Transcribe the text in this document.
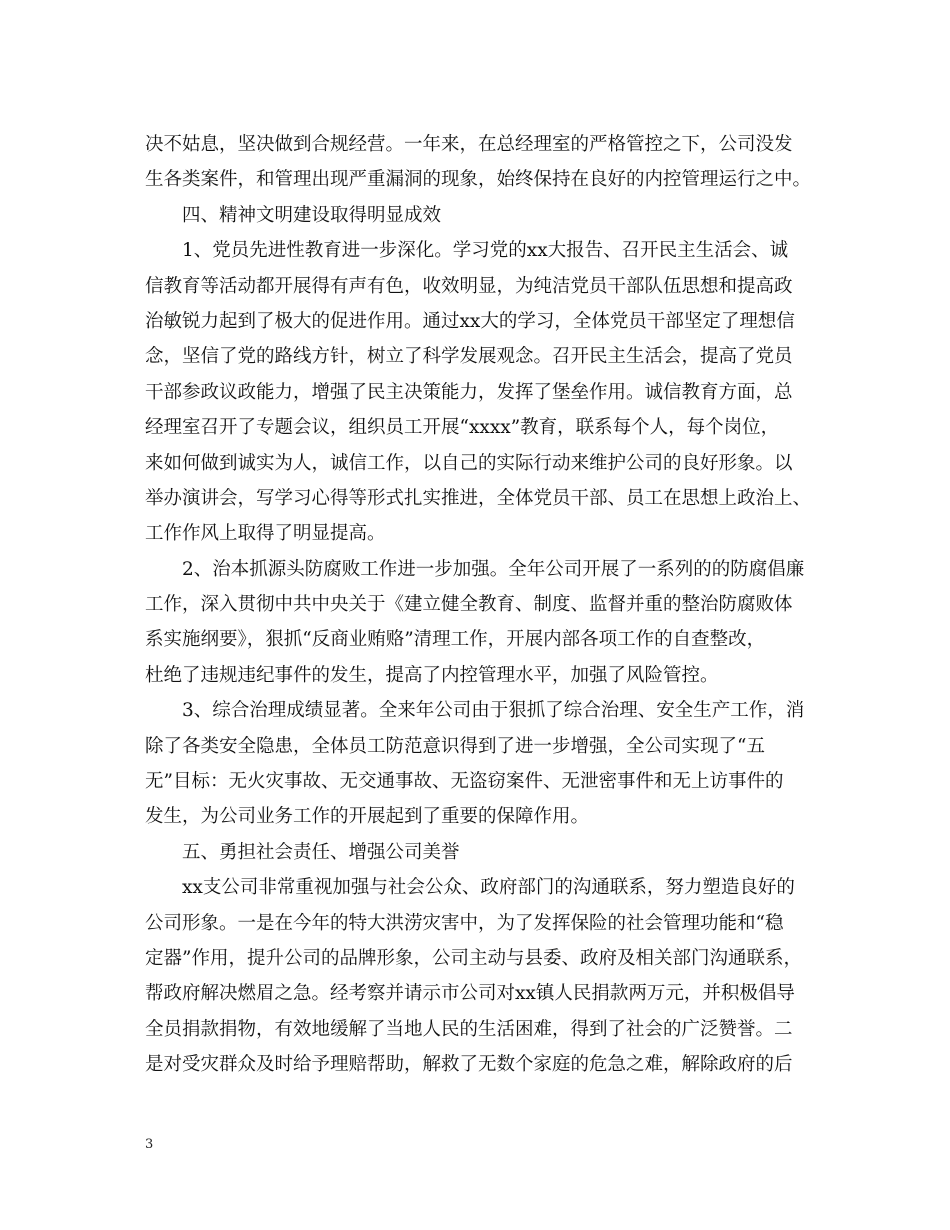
决不姑息，坚决做到合规经营。一年来，在总经理室的严格管控之下，公司没发
生各类案件，和管理出现严重漏洞的现象，始终保持在良好的内控管理运行之中。
四、精神文明建设取得明显成效
1、党员先进性教育进一步深化。学习党的xx大报告、召开民主生活会、诚
信教育等活动都开展得有声有色，收效明显，为纯洁党员干部队伍思想和提高政
治敏锐力起到了极大的促进作用。通过xx大的学习，全体党员干部坚定了理想信
念，坚信了党的路线方针，树立了科学发展观念。召开民主生活会，提高了党员
干部参政议政能力，增强了民主决策能力，发挥了堡垒作用。诚信教育方面，总
经理室召开了专题会议，组织员工开展“xxxx”教育，联系每个人，每个岗位，
来如何做到诚实为人，诚信工作，以自己的实际行动来维护公司的良好形象。以
举办演讲会，写学习心得等形式扎实推进，全体党员干部、员工在思想上政治上、
工作作风上取得了明显提高。
2、治本抓源头防腐败工作进一步加强。全年公司开展了一系列的的防腐倡廉
工作，深入贯彻中共中央关于《建立健全教育、制度、监督并重的整治防腐败体
系实施纲要》，狠抓“反商业贿赂”清理工作，开展内部各项工作的自查整改，
杜绝了违规违纪事件的发生，提高了内控管理水平，加强了风险管控。
3、综合治理成绩显著。全来年公司由于狠抓了综合治理、安全生产工作，消
除了各类安全隐患，全体员工防范意识得到了进一步增强，全公司实现了“五
无”目标：无火灾事故、无交通事故、无盗窃案件、无泄密事件和无上访事件的
发生，为公司业务工作的开展起到了重要的保障作用。
五、勇担社会责任、增强公司美誉
xx支公司非常重视加强与社会公众、政府部门的沟通联系，努力塑造良好的
公司形象。一是在今年的特大洪涝灾害中，为了发挥保险的社会管理功能和“稳
定器”作用，提升公司的品牌形象，公司主动与县委、政府及相关部门沟通联系，
帮政府解决燃眉之急。经考察并请示市公司对xx镇人民捐款两万元，并积极倡导
全员捐款捐物，有效地缓解了当地人民的生活困难，得到了社会的广泛赞誉。二
是对受灾群众及时给予理赔帮助，解救了无数个家庭的危急之难，解除政府的后
3
